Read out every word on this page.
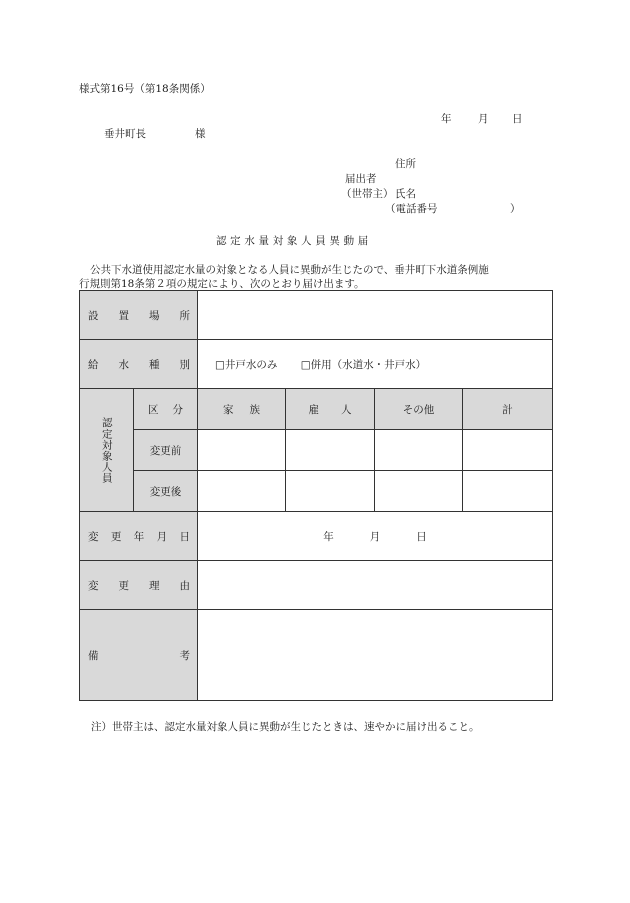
様式第16号（第18条関係）
年	月 日
垂井町長	様
住所
届出者
（世帯主） 氏名
（電話番号	）
認定水量対象人員異動届
公共下水道使用認定水量の対象となる人員に異動が生じたので、垂井町下水道条例施
行規則第18条第２項の規定により、次のとおり届け出ます。
設 置 場 所					

給 水 種 別		□井戸水のみ □併用（水道水・井戸水）			

認定対象人員	区 分	家 族	雇 人	その他	計
	変更前				
	変更後				

変 更 年 月 日		年 月 日			

変 更 理 由					

備 考					

注）世帯主は、認定水量対象人員に異動が生じたときは、速やかに届け出ること。
